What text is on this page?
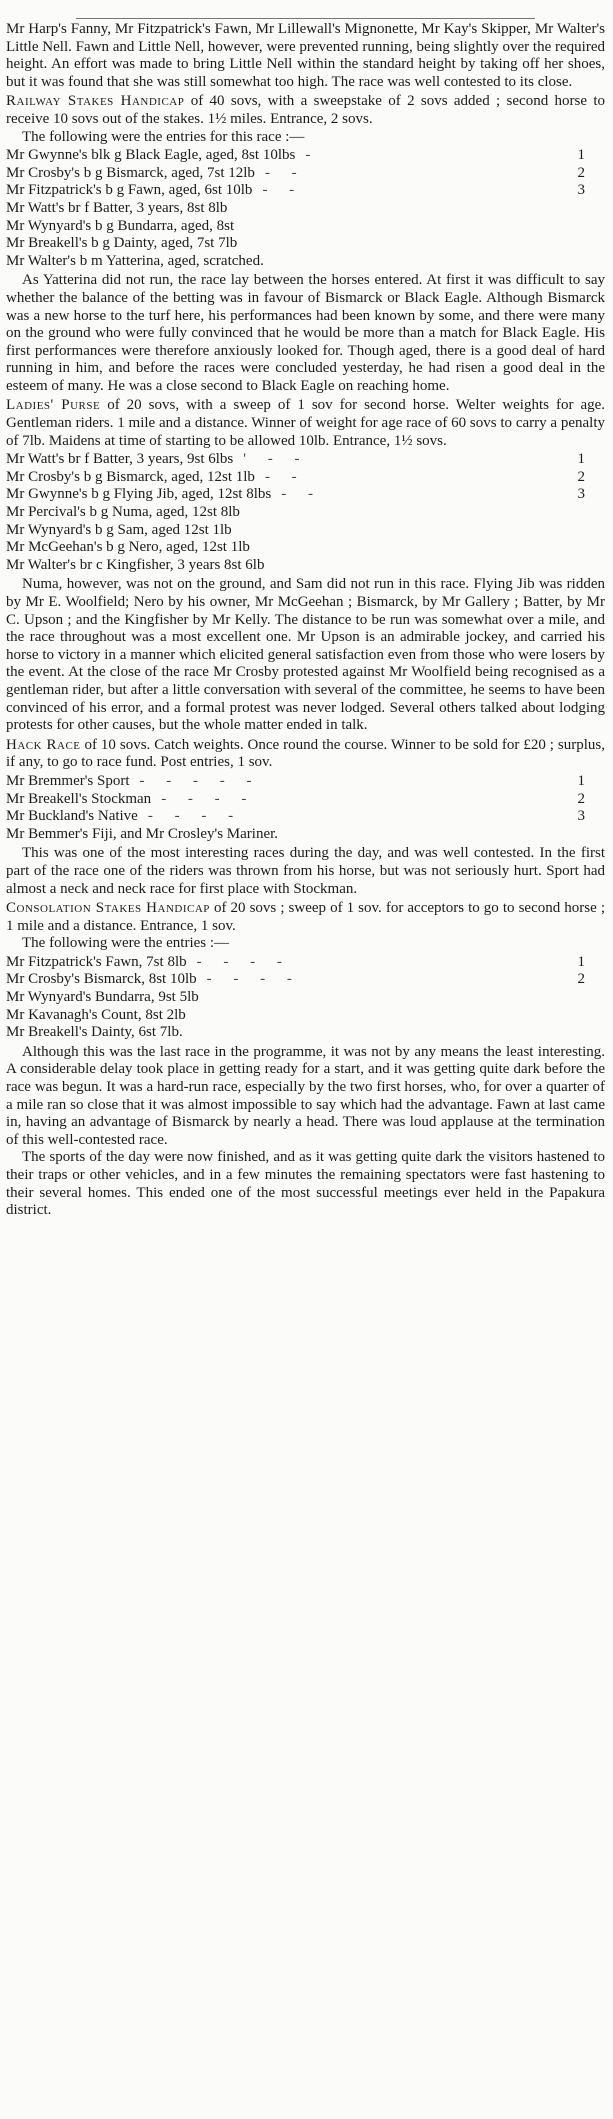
Mr Harp's Fanny, Mr Fitzpatrick's Fawn, Mr Lillewall's Mignonette, Mr Kay's Skipper, Mr Walter's Little Nell. Fawn and Little Nell, however, were prevented running, being slightly over the required height. An effort was made to bring Little Nell within the standard height by taking off her shoes, but it was found that she was still somewhat too high. The race was well contested to its close.

Railway Stakes Handicap of 40 sovs, with a sweepstake of 2 sovs added ; second horse to receive 10 sovs out of the stakes. 1½ miles. Entrance, 2 sovs.

The following were the entries for this race :—

Mr Gwynne's blk g Black Eagle, aged, 8st 10lbs -	1
Mr Crosby's b g Bismarck, aged, 7st 12lb - -	2
Mr Fitzpatrick's b g Fawn, aged, 6st 10lb - -	3
Mr Watt's br f Batter, 3 years, 8st 8lb
Mr Wynyard's b g Bundarra, aged, 8st
Mr Breakell's b g Dainty, aged, 7st 7lb
Mr Walter's b m Yatterina, aged, scratched.

As Yatterina did not run, the race lay between the horses entered. At first it was difficult to say whether the balance of the betting was in favour of Bismarck or Black Eagle. Although Bismarck was a new horse to the turf here, his performances had been known by some, and there were many on the ground who were fully convinced that he would be more than a match for Black Eagle. His first performances were therefore anxiously looked for. Though aged, there is a good deal of hard running in him, and before the races were concluded yesterday, he had risen a good deal in the esteem of many. He was a close second to Black Eagle on reaching home.

Ladies' Purse of 20 sovs, with a sweep of 1 sov for second horse. Welter weights for age. Gentleman riders. 1 mile and a distance. Winner of weight for age race of 60 sovs to carry a penalty of 7lb. Maidens at time of starting to be allowed 10lb. Entrance, 1½ sovs.

Mr Watt's br f Batter, 3 years, 9st 6lbs ' - -	1
Mr Crosby's b g Bismarck, aged, 12st 1lb - -	2
Mr Gwynne's b g Flying Jib, aged, 12st 8lbs - -	3
Mr Percival's b g Numa, aged, 12st 8lb
Mr Wynyard's b g Sam, aged 12st 1lb
Mr McGeehan's b g Nero, aged, 12st 1lb
Mr Walter's br c Kingfisher, 3 years 8st 6lb

Numa, however, was not on the ground, and Sam did not run in this race. Flying Jib was ridden by Mr E. Woolfield; Nero by his owner, Mr McGeehan ; Bismarck, by Mr Gallery ; Batter, by Mr C. Upson ; and the Kingfisher by Mr Kelly. The distance to be run was somewhat over a mile, and the race throughout was a most excellent one. Mr Upson is an admirable jockey, and carried his horse to victory in a manner which elicited general satisfaction even from those who were losers by the event. At the close of the race Mr Crosby protested against Mr Woolfield being recognised as a gentleman rider, but after a little conversation with several of the committee, he seems to have been convinced of his error, and a formal protest was never lodged. Several others talked about lodging protests for other causes, but the whole matter ended in talk.

Hack Race of 10 sovs. Catch weights. Once round the course. Winner to be sold for £20 ; surplus, if any, to go to race fund. Post entries, 1 sov.

Mr Bremmer's Sport - - - - -	1
Mr Breakell's Stockman - - - -	2
Mr Buckland's Native - - - -	3
Mr Bemmer's Fiji, and Mr Crosley's Mariner.

This was one of the most interesting races during the day, and was well contested. In the first part of the race one of the riders was thrown from his horse, but was not seriously hurt. Sport had almost a neck and neck race for first place with Stockman.

Consolation Stakes Handicap of 20 sovs ; sweep of 1 sov. for acceptors to go to second horse ; 1 mile and a distance. Entrance, 1 sov.

The following were the entries :—

Mr Fitzpatrick's Fawn, 7st 8lb - - - -	1
Mr Crosby's Bismarck, 8st 10lb - - - -	2
Mr Wynyard's Bundarra, 9st 5lb
Mr Kavanagh's Count, 8st 2lb
Mr Breakell's Dainty, 6st 7lb.

Although this was the last race in the programme, it was not by any means the least interesting. A considerable delay took place in getting ready for a start, and it was getting quite dark before the race was begun. It was a hard-run race, especially by the two first horses, who, for over a quarter of a mile ran so close that it was almost impossible to say which had the advantage. Fawn at last came in, having an advantage of Bismarck by nearly a head. There was loud applause at the termination of this well-contested race.

The sports of the day were now finished, and as it was getting quite dark the visitors hastened to their traps or other vehicles, and in a few minutes the remaining spectators were fast hastening to their several homes. This ended one of the most successful meetings ever held in the Papakura district.
